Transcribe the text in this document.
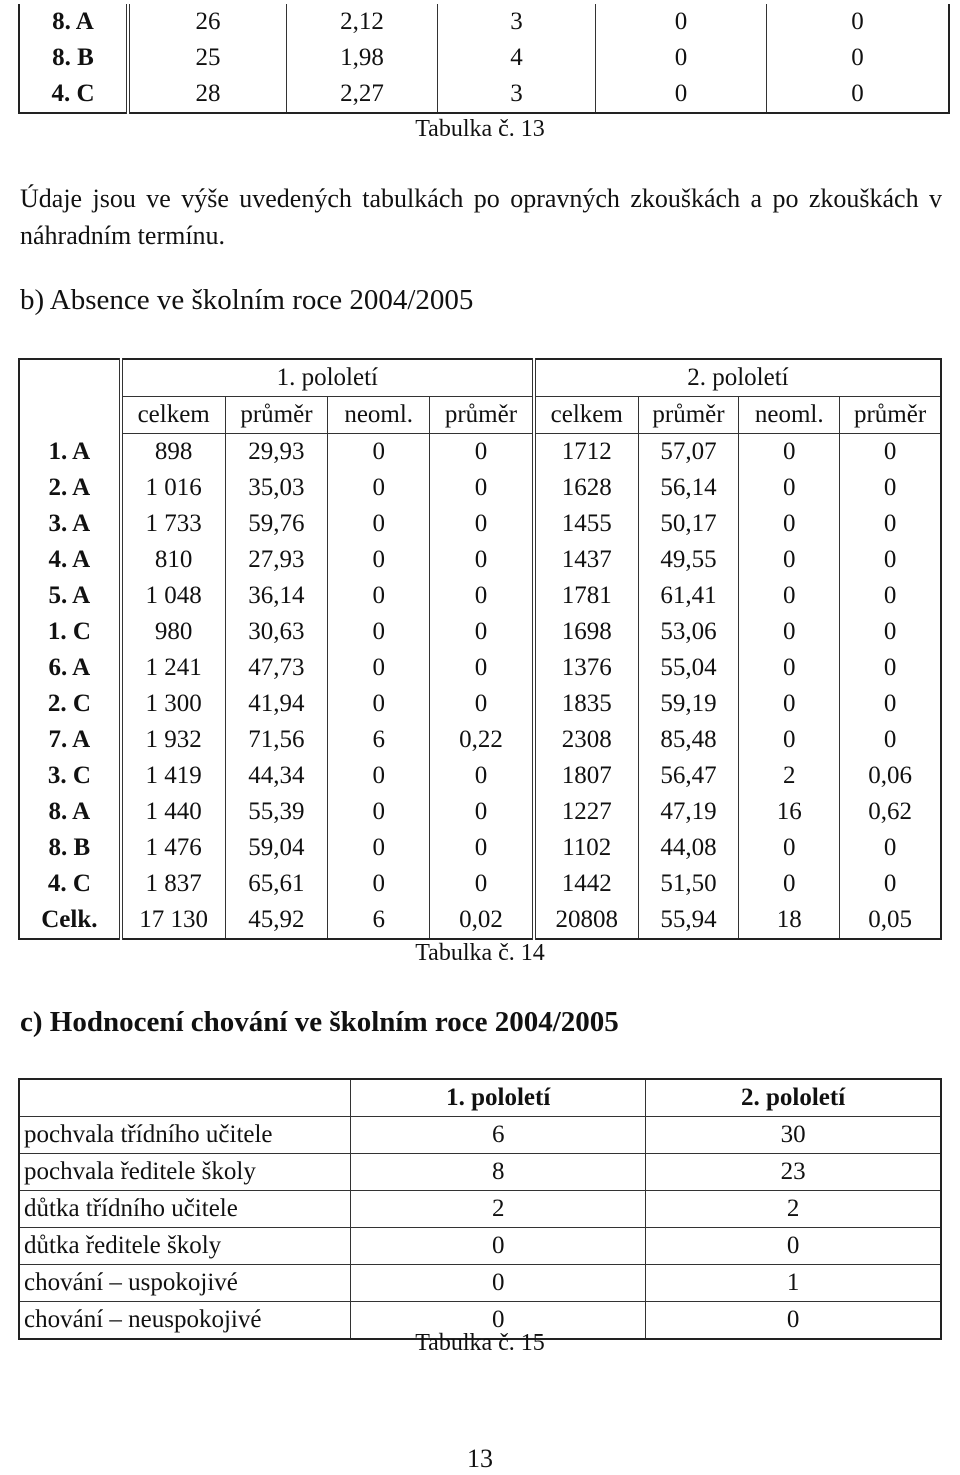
8. A	26	2,12	3	0	0
8. B	25	1,98	4	0	0
4. C	28	2,27	3	0	0
Tabulka č. 13
Údaje jsou ve výše uvedených tabulkách po opravných zkouškách a po zkouškách v náhradním termínu.
b) Absence ve školním roce 2004/2005
	1. pololetí				2. pololetí			
	celkem	průměr	neoml.	průměr	celkem	průměr	neoml.	průměr
1. A	898	29,93	0	0	1712	57,07	0	0
2. A	1 016	35,03	0	0	1628	56,14	0	0
3. A	1 733	59,76	0	0	1455	50,17	0	0
4. A	810	27,93	0	0	1437	49,55	0	0
5. A	1 048	36,14	0	0	1781	61,41	0	0
1. C	980	30,63	0	0	1698	53,06	0	0
6. A	1 241	47,73	0	0	1376	55,04	0	0
2. C	1 300	41,94	0	0	1835	59,19	0	0
7. A	1 932	71,56	6	0,22	2308	85,48	0	0
3. C	1 419	44,34	0	0	1807	56,47	2	0,06
8. A	1 440	55,39	0	0	1227	47,19	16	0,62
8. B	1 476	59,04	0	0	1102	44,08	0	0
4. C	1 837	65,61	0	0	1442	51,50	0	0
Celk.	17 130	45,92	6	0,02	20808	55,94	18	0,05
Tabulka č. 14
c) Hodnocení chování ve školním roce 2004/2005
	1. pololetí	2. pololetí
pochvala třídního učitele	6	30
pochvala ředitele školy	8	23
důtka třídního učitele	2	2
důtka ředitele školy	0	0
chování – uspokojivé	0	1
chování – neuspokojivé	0	0
Tabulka č. 15
13
